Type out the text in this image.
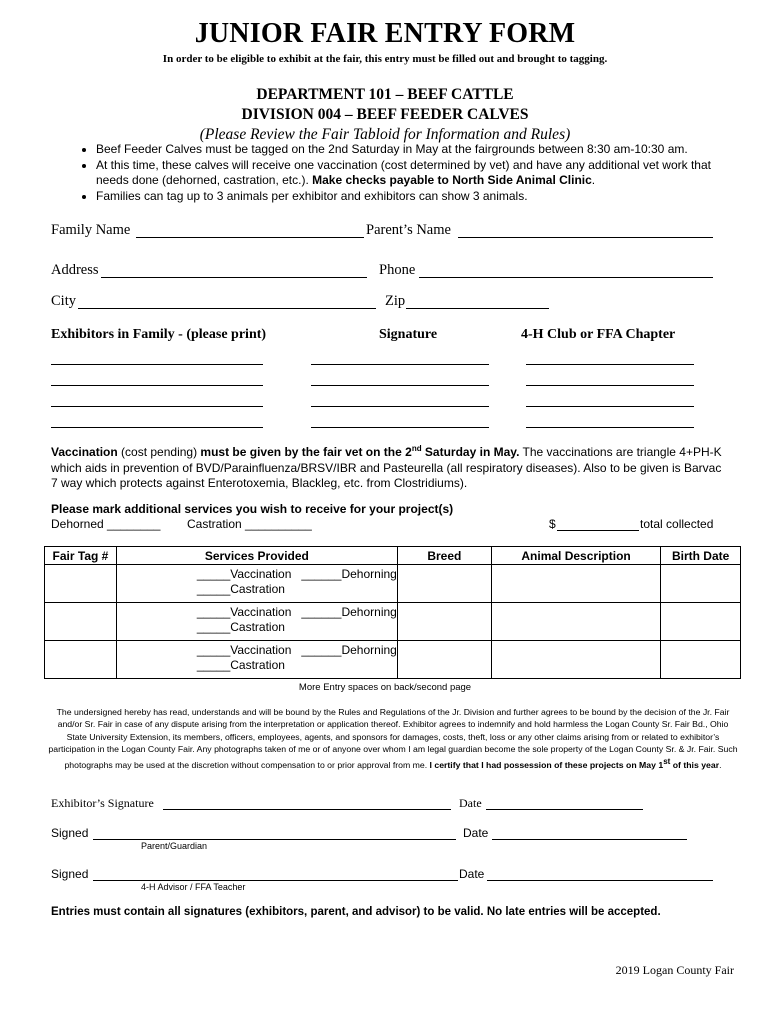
JUNIOR FAIR ENTRY FORM
In order to be eligible to exhibit at the fair, this entry must be filled out and brought to tagging.
DEPARTMENT 101 – BEEF CATTLE
DIVISION 004 – BEEF FEEDER CALVES
(Please Review the Fair Tabloid for Information and Rules)
• Beef Feeder Calves must be tagged on the 2nd Saturday in May at the fairgrounds between 8:30 am-10:30 am.
• At this time, these calves will receive one vaccination (cost determined by vet) and have any additional vet work that needs done (dehorned, castration, etc.). Make checks payable to North Side Animal Clinic.
• Families can tag up to 3 animals per exhibitor and exhibitors can show 3 animals.
Family Name	Parent’s Name
Address	Phone
City	Zip
Exhibitors in Family - (please print)	Signature	4-H Club or FFA Chapter
Vaccination (cost pending) must be given by the fair vet on the 2nd Saturday in May. The vaccinations are triangle 4+PH-K which aids in prevention of BVD/Parainfluenza/BRSV/IBR and Pasteurella (all respiratory diseases). Also to be given is Barvac 7 way which protects against Enterotoxemia, Blackleg, etc. from Clostridiums).
Please mark additional services you wish to receive for your project(s)
Dehorned ________ Castration __________	$	total collected
Fair Tag #	Services Provided	Breed	Animal Description	Birth Date

	_____Vaccination ______Dehorning
_____Castration			

	_____Vaccination ______Dehorning
_____Castration			

	_____Vaccination ______Dehorning
_____Castration			

More Entry spaces on back/second page
The undersigned hereby has read, understands and will be bound by the Rules and Regulations of the Jr. Division and further agrees to be bound by the decision of the Jr. Fair and/or Sr. Fair in case of any dispute arising from the interpretation or application thereof. Exhibitor agrees to indemnify and hold harmless the Logan County Sr. Fair Bd., Ohio State University Extension, its members, officers, employees, agents, and sponsors for damages, costs, theft, loss or any other claims arising from or related to exhibitor’s participation in the Logan County Fair. Any photographs taken of me or of anyone over whom I am legal guardian become the sole property of the Logan County Sr. & Jr. Fair. Such photographs may be used at the discretion without compensation to or prior approval from me. I certify that I had possession of these projects on May 1st of this year.
Exhibitor’s Signature	Date
Signed	Date
Parent/Guardian
Signed	Date
4-H Advisor / FFA Teacher
Entries must contain all signatures (exhibitors, parent, and advisor) to be valid. No late entries will be accepted.
2019 Logan County Fair
